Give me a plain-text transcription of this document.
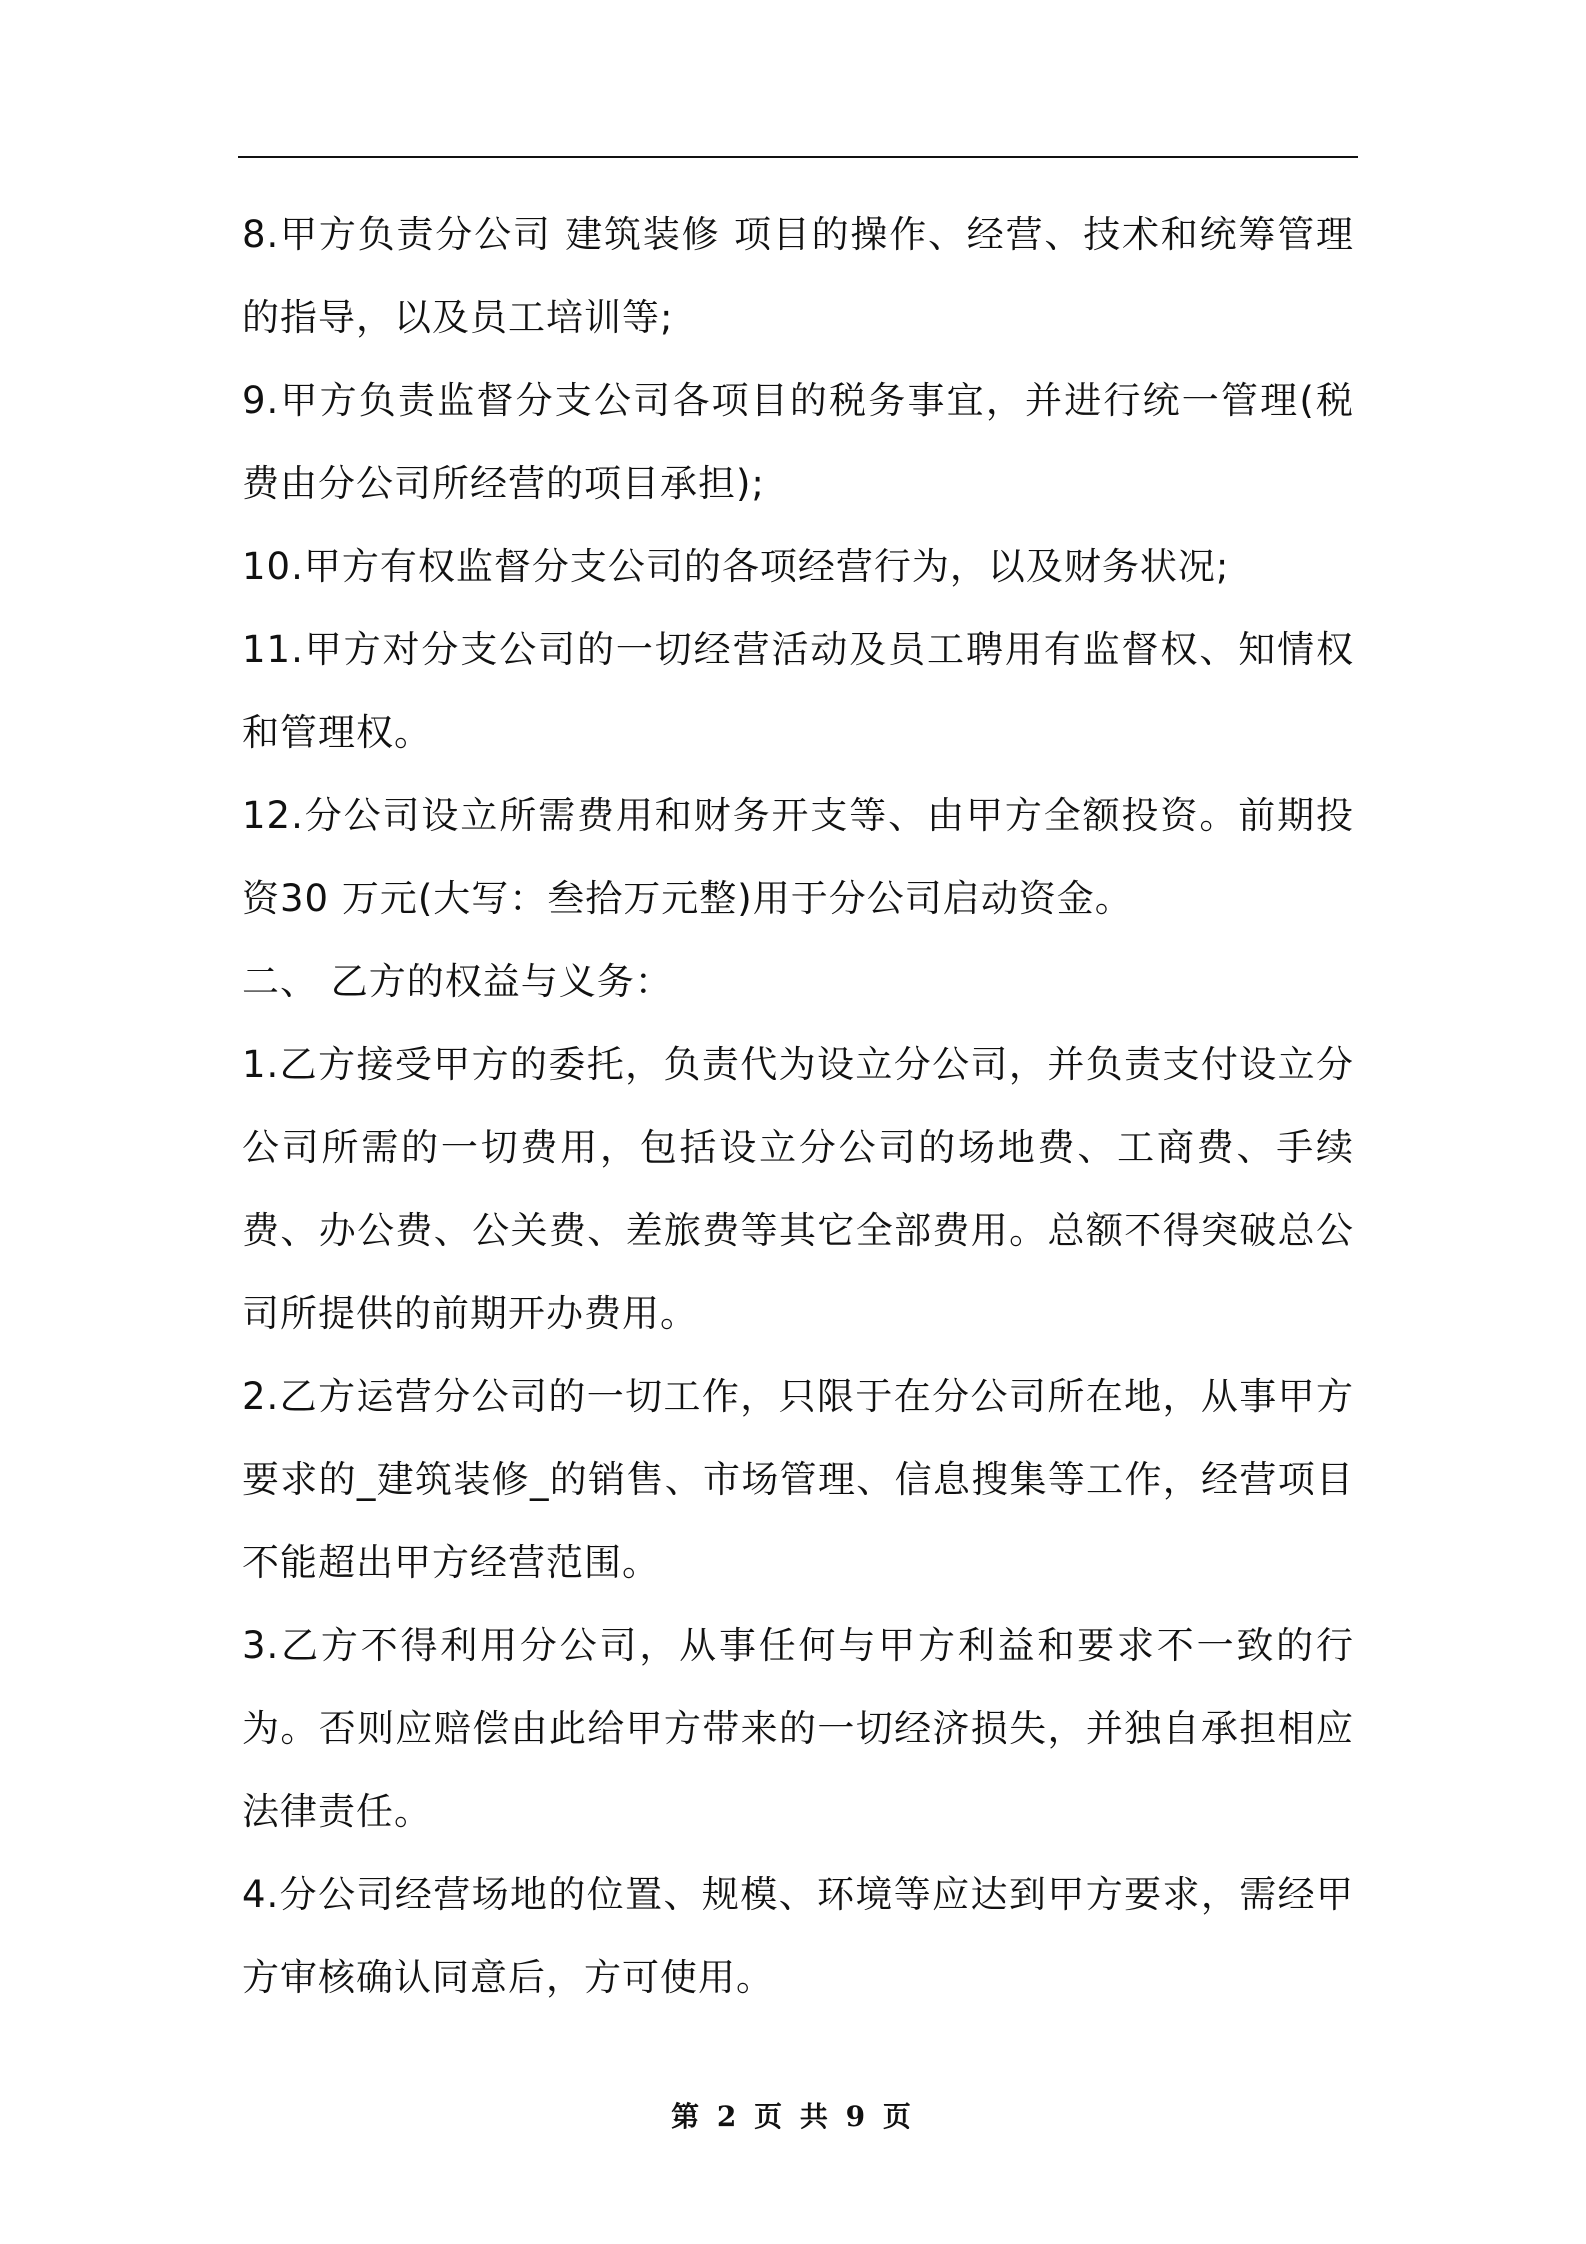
8.甲方负责分公司 建筑装修 项目的操作、经营、技术和统筹管理的指导，以及员工培训等;

9.甲方负责监督分支公司各项目的税务事宜，并进行统一管理(税费由分公司所经营的项目承担);

10.甲方有权监督分支公司的各项经营行为，以及财务状况;

11.甲方对分支公司的一切经营活动及员工聘用有监督权、知情权和管理权。

12.分公司设立所需费用和财务开支等、由甲方全额投资。前期投资30 万元(大写：叁拾万元整)用于分公司启动资金。

二、 乙方的权益与义务：

1.乙方接受甲方的委托，负责代为设立分公司，并负责支付设立分公司所需的一切费用，包括设立分公司的场地费、工商费、手续费、办公费、公关费、差旅费等其它全部费用。总额不得突破总公司所提供的前期开办费用。

2.乙方运营分公司的一切工作，只限于在分公司所在地，从事甲方要求的_建筑装修_的销售、市场管理、信息搜集等工作，经营项目不能超出甲方经营范围。

3.乙方不得利用分公司，从事任何与甲方利益和要求不一致的行为。否则应赔偿由此给甲方带来的一切经济损失，并独自承担相应法律责任。

4.分公司经营场地的位置、规模、环境等应达到甲方要求，需经甲方审核确认同意后，方可使用。

第 2 页 共 9 页
